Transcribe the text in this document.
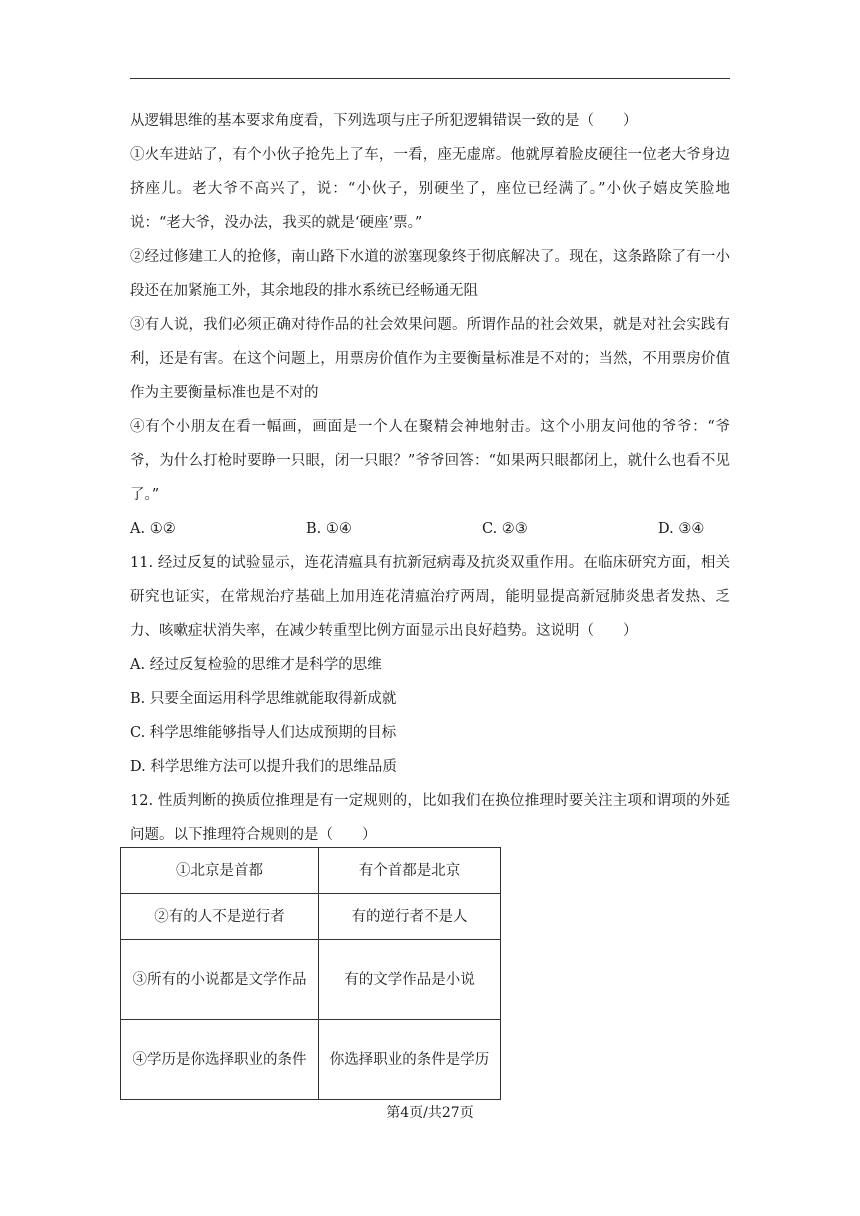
从逻辑思维的基本要求角度看，下列选项与庄子所犯逻辑错误一致的是（　　）

①火车进站了，有个小伙子抢先上了车，一看，座无虚席。他就厚着脸皮硬往一位老大爷身边挤座儿。老大爷不高兴了，说：“小伙子，别硬坐了，座位已经满了。”小伙子嬉皮笑脸地说：“老大爷，没办法，我买的就是‘硬座’票。”

②经过修建工人的抢修，南山路下水道的淤塞现象终于彻底解决了。现在，这条路除了有一小段还在加紧施工外，其余地段的排水系统已经畅通无阻

③有人说，我们必须正确对待作品的社会效果问题。所谓作品的社会效果，就是对社会实践有利，还是有害。在这个问题上，用票房价值作为主要衡量标准是不对的；当然，不用票房价值作为主要衡量标准也是不对的

④有个小朋友在看一幅画，画面是一个人在聚精会神地射击。这个小朋友问他的爷爷：“爷爷，为什么打枪时要睁一只眼，闭一只眼？”爷爷回答：“如果两只眼都闭上，就什么也看不见了。”

A. ①②	B. ①④	C. ②③	D. ③④

11. 经过反复的试验显示，连花清瘟具有抗新冠病毒及抗炎双重作用。在临床研究方面，相关研究也证实，在常规治疗基础上加用连花清瘟治疗两周，能明显提高新冠肺炎患者发热、乏力、咳嗽症状消失率，在减少转重型比例方面显示出良好趋势。这说明（　　）

A. 经过反复检验的思维才是科学的思维

B. 只要全面运用科学思维就能取得新成就

C. 科学思维能够指导人们达成预期的目标

D. 科学思维方法可以提升我们的思维品质

12. 性质判断的换质位推理是有一定规则的，比如我们在换位推理时要关注主项和谓项的外延问题。以下推理符合规则的是（　　）

①北京是首都	有个首都是北京
②有的人不是逆行者	有的逆行者不是人
③所有的小说都是文学作品	有的文学作品是小说
④学历是你选择职业的条件	你选择职业的条件是学历
第4页/共27页
